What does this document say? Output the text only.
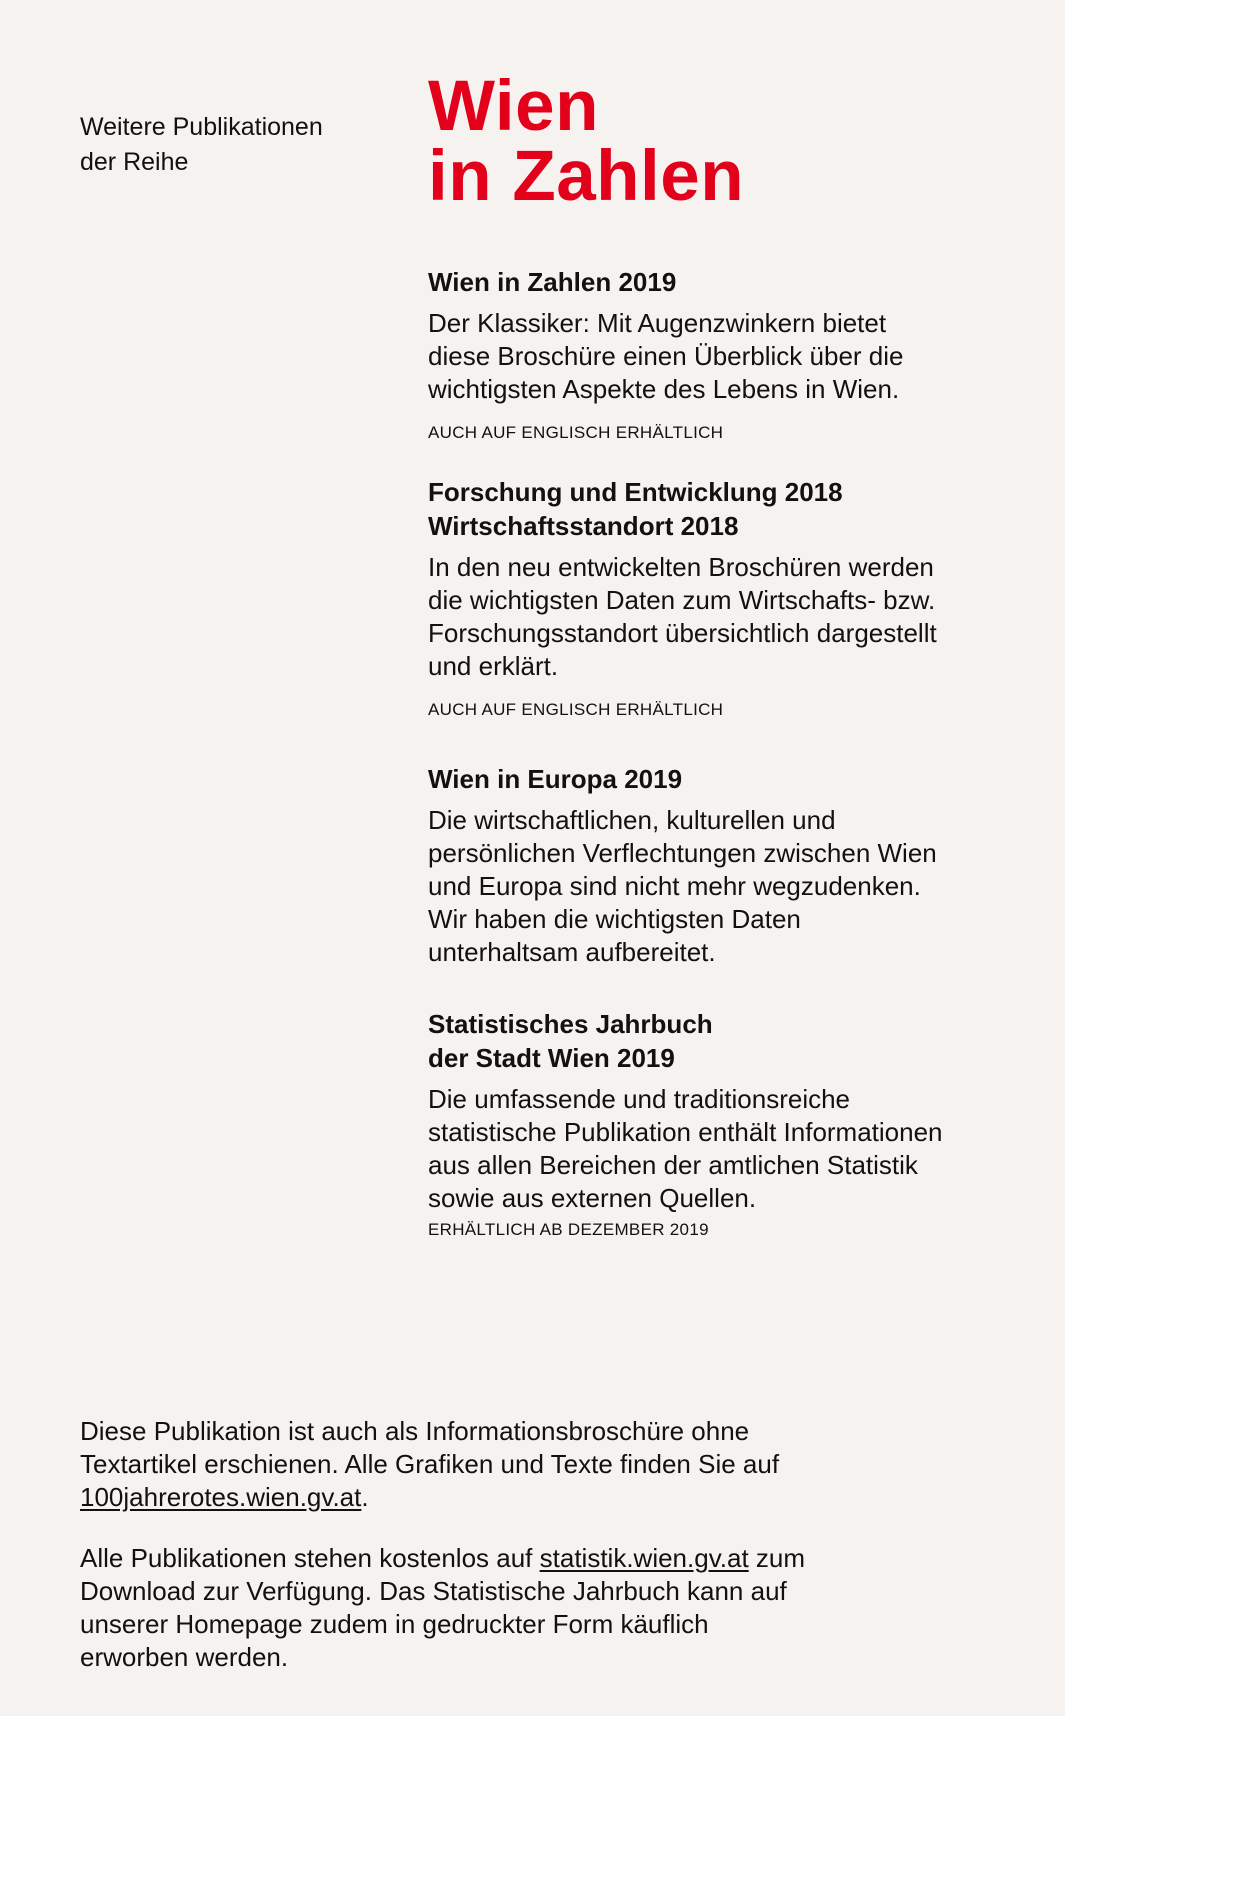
Weitere Publikationen
der Reihe

Wien
in Zahlen
Wien in Zahlen 2019

Der Klassiker: Mit Augenzwinkern bietet diese Broschüre einen Überblick über die wichtigsten Aspekte des Lebens in Wien.

AUCH AUF ENGLISCH ERHÄLTLICH

Forschung und Entwicklung 2018
Wirtschaftsstandort 2018

In den neu entwickelten Broschüren werden die wichtigsten Daten zum Wirtschafts- bzw. Forschungsstandort übersichtlich dargestellt und erklärt.

AUCH AUF ENGLISCH ERHÄLTLICH

Wien in Europa 2019

Die wirtschaftlichen, kulturellen und persönlichen Verflechtungen zwischen Wien und Europa sind nicht mehr wegzudenken. Wir haben die wichtigsten Daten unterhaltsam aufbereitet.

Statistisches Jahrbuch
der Stadt Wien 2019

Die umfassende und traditionsreiche statistische Publikation enthält Informationen aus allen Bereichen der amtlichen Statistik sowie aus externen Quellen.

ERHÄLTLICH AB DEZEMBER 2019

Diese Publikation ist auch als Informationsbroschüre ohne Textartikel erschienen. Alle Grafiken und Texte finden Sie auf 100jahrerotes.wien.gv.at.

Alle Publikationen stehen kostenlos auf statistik.wien.gv.at zum Download zur Verfügung. Das Statistische Jahrbuch kann auf unserer Homepage zudem in gedruckter Form käuflich erworben werden.
